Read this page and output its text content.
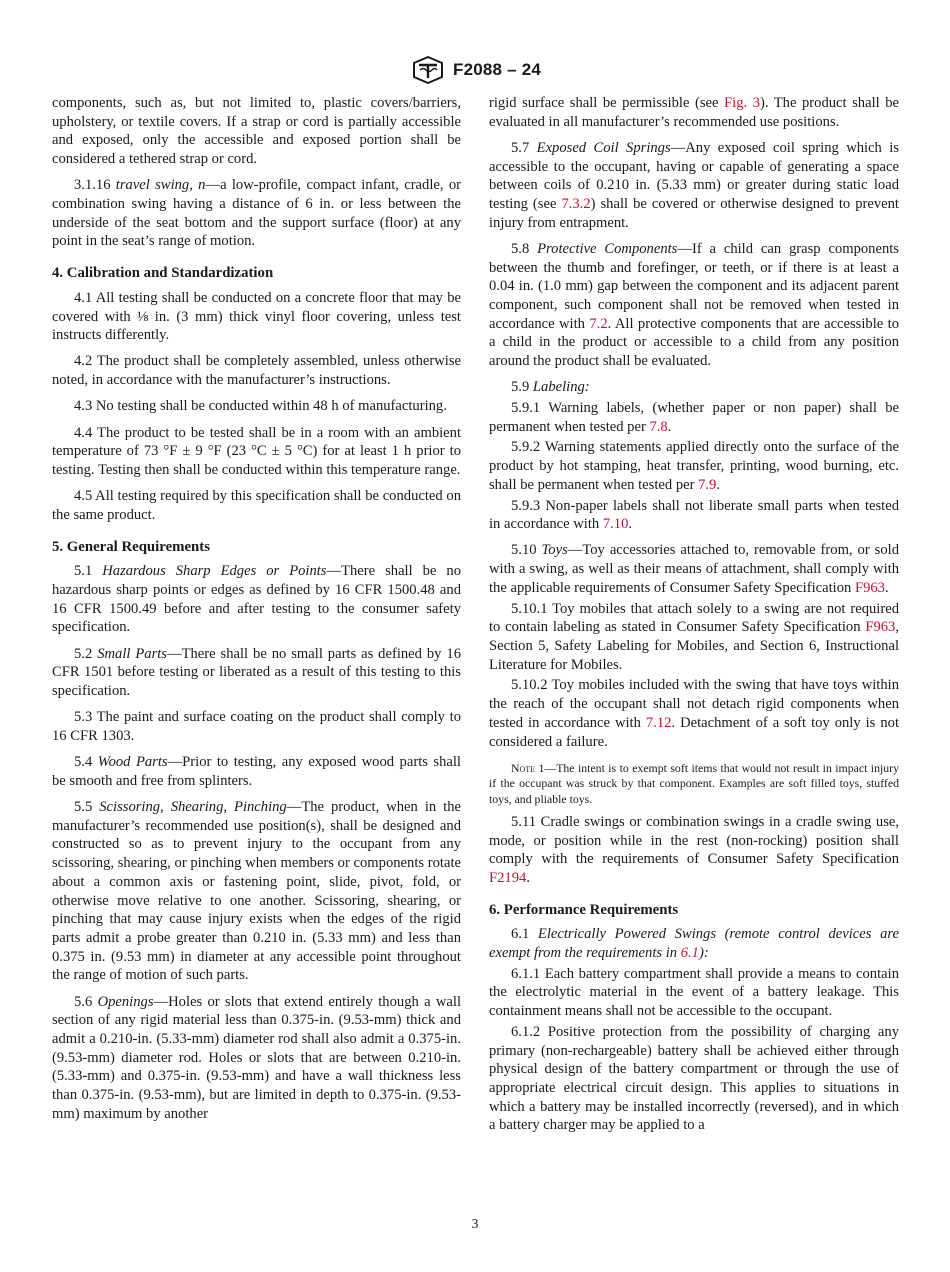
F2088 – 24

components, such as, but not limited to, plastic covers/barriers, upholstery, or textile covers. If a strap or cord is partially accessible and exposed, only the accessible and exposed portion shall be considered a tethered strap or cord.

3.1.16 travel swing, n—a low-profile, compact infant, cradle, or combination swing having a distance of 6 in. or less between the underside of the seat bottom and the support surface (floor) at any point in the seat’s range of motion.

4. Calibration and Standardization

4.1 All testing shall be conducted on a concrete floor that may be covered with ⅛ in. (3 mm) thick vinyl floor covering, unless test instructs differently.

4.2 The product shall be completely assembled, unless otherwise noted, in accordance with the manufacturer’s instructions.

4.3 No testing shall be conducted within 48 h of manufacturing.

4.4 The product to be tested shall be in a room with an ambient temperature of 73 °F ± 9 °F (23 °C ± 5 °C) for at least 1 h prior to testing. Testing then shall be conducted within this temperature range.

4.5 All testing required by this specification shall be conducted on the same product.

5. General Requirements

5.1 Hazardous Sharp Edges or Points—There shall be no hazardous sharp points or edges as defined by 16 CFR 1500.48 and 16 CFR 1500.49 before and after testing to the consumer safety specification.

5.2 Small Parts—There shall be no small parts as defined by 16 CFR 1501 before testing or liberated as a result of this testing to this specification.

5.3 The paint and surface coating on the product shall comply to 16 CFR 1303.

5.4 Wood Parts—Prior to testing, any exposed wood parts shall be smooth and free from splinters.

5.5 Scissoring, Shearing, Pinching—The product, when in the manufacturer’s recommended use position(s), shall be designed and constructed so as to prevent injury to the occupant from any scissoring, shearing, or pinching when members or components rotate about a common axis or fastening point, slide, pivot, fold, or otherwise move relative to one another. Scissoring, shearing, or pinching that may cause injury exists when the edges of the rigid parts admit a probe greater than 0.210 in. (5.33 mm) and less than 0.375 in. (9.53 mm) in diameter at any accessible point throughout the range of motion of such parts.

5.6 Openings—Holes or slots that extend entirely though a wall section of any rigid material less than 0.375-in. (9.53-mm) thick and admit a 0.210-in. (5.33-mm) diameter rod shall also admit a 0.375-in. (9.53-mm) diameter rod. Holes or slots that are between 0.210-in. (5.33-mm) and 0.375-in. (9.53-mm) and have a wall thickness less than 0.375-in. (9.53-mm), but are limited in depth to 0.375-in. (9.53-mm) maximum by another

rigid surface shall be permissible (see Fig. 3). The product shall be evaluated in all manufacturer’s recommended use positions.

5.7 Exposed Coil Springs—Any exposed coil spring which is accessible to the occupant, having or capable of generating a space between coils of 0.210 in. (5.33 mm) or greater during static load testing (see 7.3.2) shall be covered or otherwise designed to prevent injury from entrapment.

5.8 Protective Components—If a child can grasp components between the thumb and forefinger, or teeth, or if there is at least a 0.04 in. (1.0 mm) gap between the component and its adjacent parent component, such component shall not be removed when tested in accordance with 7.2. All protective components that are accessible to a child in the product or accessible to a child from any position around the product shall be evaluated.

5.9 Labeling:

5.9.1 Warning labels, (whether paper or non paper) shall be permanent when tested per 7.8.

5.9.2 Warning statements applied directly onto the surface of the product by hot stamping, heat transfer, printing, wood burning, etc. shall be permanent when tested per 7.9.

5.9.3 Non-paper labels shall not liberate small parts when tested in accordance with 7.10.

5.10 Toys—Toy accessories attached to, removable from, or sold with a swing, as well as their means of attachment, shall comply with the applicable requirements of Consumer Safety Specification F963.

5.10.1 Toy mobiles that attach solely to a swing are not required to contain labeling as stated in Consumer Safety Specification F963, Section 5, Safety Labeling for Mobiles, and Section 6, Instructional Literature for Mobiles.

5.10.2 Toy mobiles included with the swing that have toys within the reach of the occupant shall not detach rigid components when tested in accordance with 7.12. Detachment of a soft toy only is not considered a failure.

Note 1—The intent is to exempt soft items that would not result in impact injury if the occupant was struck by that component. Examples are soft filled toys, stuffed toys, and pliable toys.

5.11 Cradle swings or combination swings in a cradle swing use, mode, or position while in the rest (non-rocking) position shall comply with the requirements of Consumer Safety Specification F2194.

6. Performance Requirements

6.1 Electrically Powered Swings (remote control devices are exempt from the requirements in 6.1):

6.1.1 Each battery compartment shall provide a means to contain the electrolytic material in the event of a battery leakage. This containment means shall not be accessible to the occupant.

6.1.2 Positive protection from the possibility of charging any primary (non-rechargeable) battery shall be achieved either through physical design of the battery compartment or through the use of appropriate electrical circuit design. This applies to situations in which a battery may be installed incorrectly (reversed), and in which a battery charger may be applied to a

3
